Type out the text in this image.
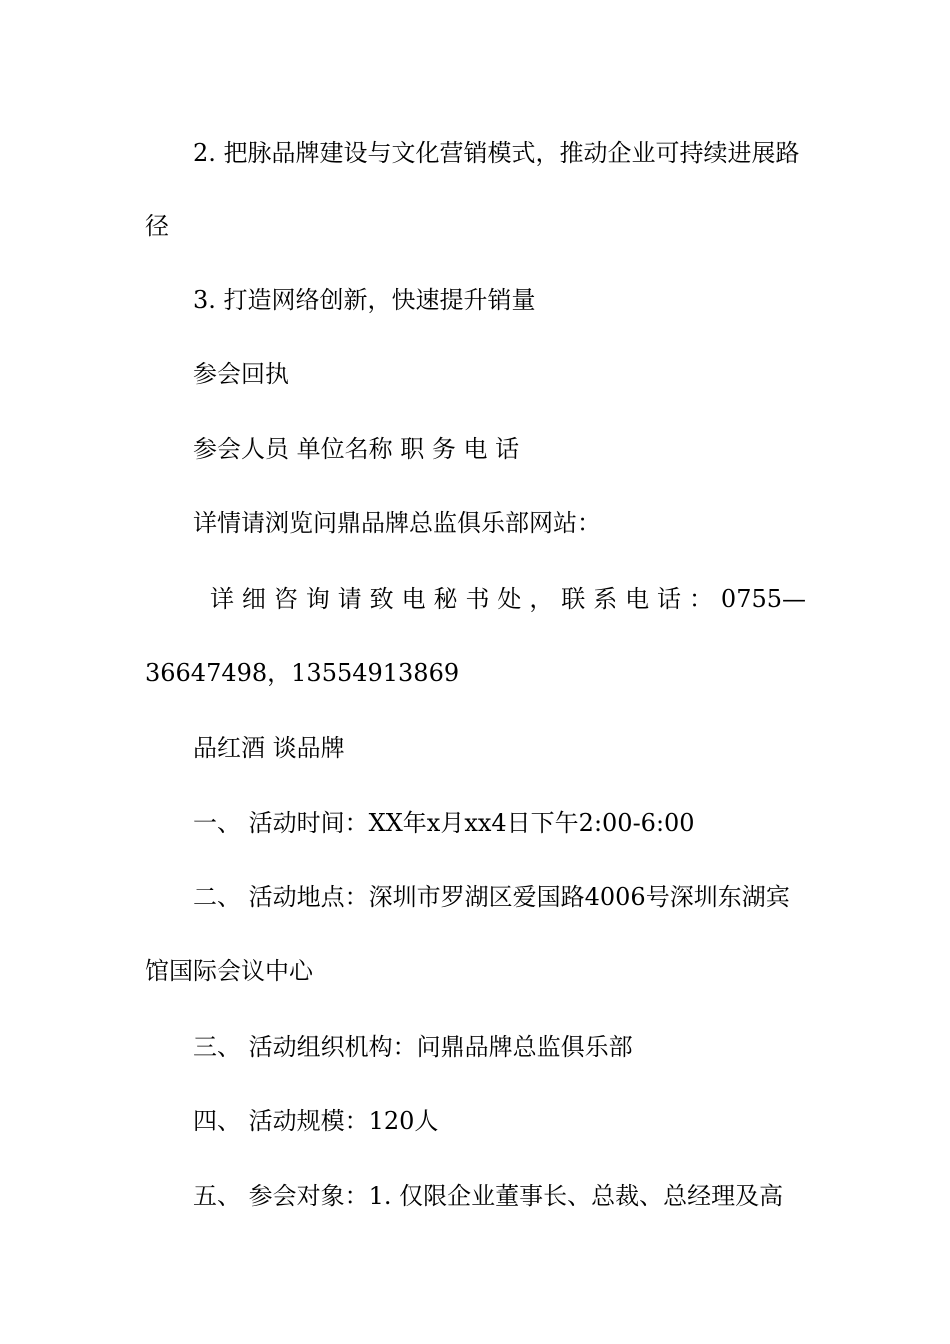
2. 把脉品牌建设与文化营销模式，推动企业可持续进展路
径
3. 打造网络创新，快速提升销量
参会回执
参会人员 单位名称 职 务 电 话
详情请浏览问鼎品牌总监俱乐部网站：
详细咨询请致电秘书处，联系电话：0755—
36647498，13554913869
品红酒 谈品牌
一、 活动时间：XX年x月xx4日下午2:00-6:00
二、 活动地点：深圳市罗湖区爱国路4006号深圳东湖宾
馆国际会议中心
三、 活动组织机构：问鼎品牌总监俱乐部
四、 活动规模：120人
五、 参会对象：1. 仅限企业董事长、总裁、总经理及高
